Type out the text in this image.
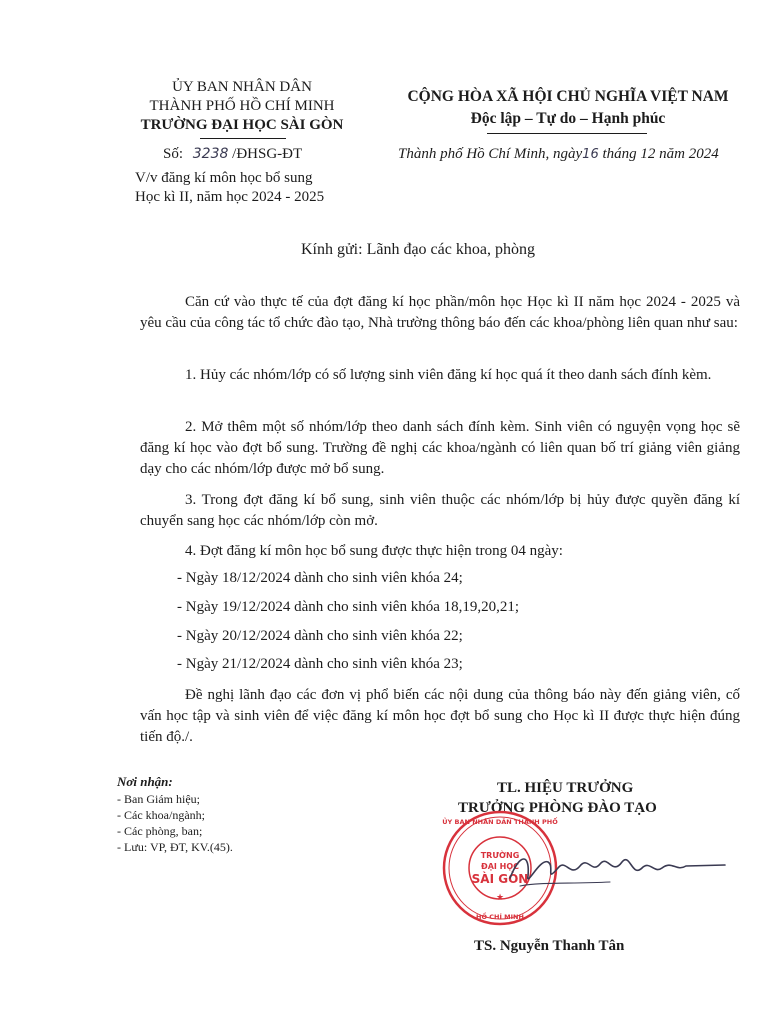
ỦY BAN NHÂN DÂN
THÀNH PHỐ HỒ CHÍ MINH
TRƯỜNG ĐẠI HỌC SÀI GÒN
Số: 3238 /ĐHSG-ĐT
V/v đăng kí môn học bổ sung
Học kì II, năm học 2024 - 2025
CỘNG HÒA XÃ HỘI CHỦ NGHĨA VIỆT NAM
Độc lập – Tự do – Hạnh phúc
Thành phố Hồ Chí Minh, ngày16 tháng 12 năm 2024
Kính gửi: Lãnh đạo các khoa, phòng
Căn cứ vào thực tế của đợt đăng kí học phần/môn học Học kì II năm học 2024 - 2025 và yêu cầu của công tác tổ chức đào tạo, Nhà trường thông báo đến các khoa/phòng liên quan như sau:
1. Hủy các nhóm/lớp có số lượng sinh viên đăng kí học quá ít theo danh sách đính kèm.
2. Mở thêm một số nhóm/lớp theo danh sách đính kèm. Sinh viên có nguyện vọng học sẽ đăng kí học vào đợt bổ sung. Trường đề nghị các khoa/ngành có liên quan bố trí giảng viên giảng dạy cho các nhóm/lớp được mở bổ sung.
3. Trong đợt đăng kí bổ sung, sinh viên thuộc các nhóm/lớp bị hủy được quyền đăng kí chuyển sang học các nhóm/lớp còn mở.
4. Đợt đăng kí môn học bổ sung được thực hiện trong 04 ngày:
- Ngày 18/12/2024 dành cho sinh viên khóa 24;
- Ngày 19/12/2024 dành cho sinh viên khóa 18,19,20,21;
- Ngày 20/12/2024 dành cho sinh viên khóa 22;
- Ngày 21/12/2024 dành cho sinh viên khóa 23;
Đề nghị lãnh đạo các đơn vị phổ biến các nội dung của thông báo này đến giảng viên, cố vấn học tập và sinh viên để việc đăng kí môn học đợt bổ sung cho Học kì II được thực hiện đúng tiến độ./.
Nơi nhận:
- Ban Giám hiệu;
- Các khoa/ngành;
- Các phòng, ban;
- Lưu: VP, ĐT, KV.(45).
TL. HIỆU TRƯỞNG
TRƯỞNG PHÒNG ĐÀO TẠO
TRƯỜNG
ĐẠI HỌC
SÀI GÒN
★
ỦY BAN NHÂN DÂN THÀNH PHỐ
HỒ CHÍ MINH
TS. Nguyễn Thanh Tân
